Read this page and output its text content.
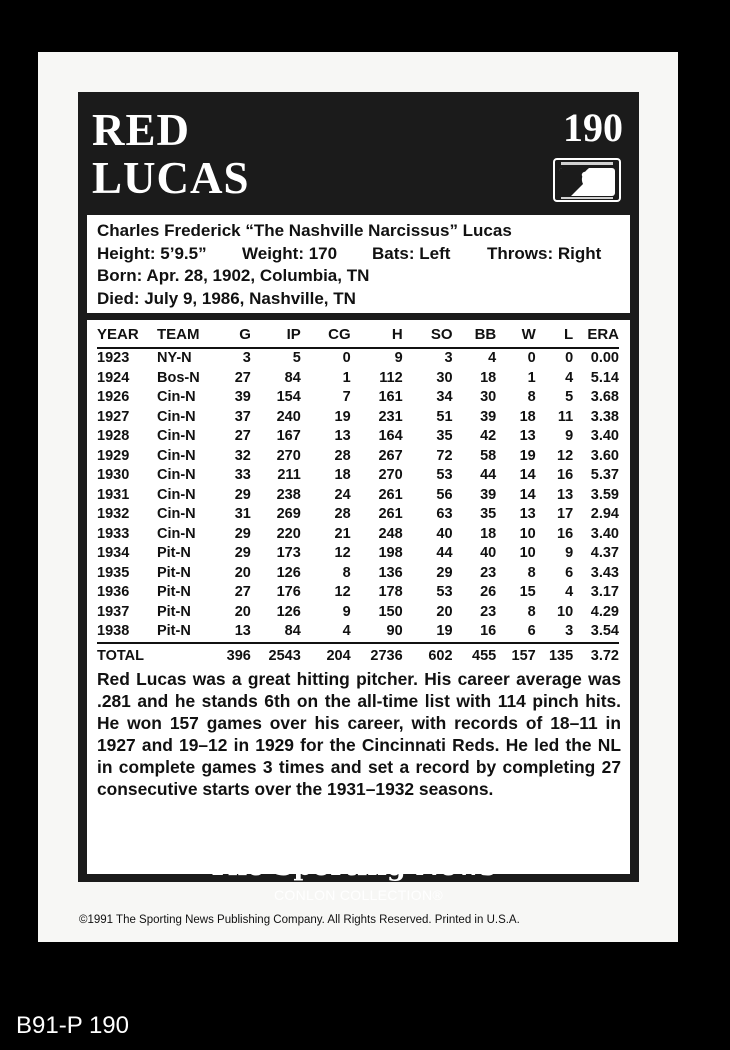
RED
LUCAS
190
Charles Frederick “The Nashville Narcissus” Lucas
Height: 5’9.5”	Weight: 170	Bats: Left	Throws: Right
Born: Apr. 28, 1902, Columbia, TN
Died: July 9, 1986, Nashville, TN
YEAR	TEAM	G	IP	CG	H	SO	BB	W	L	ERA
1923	NY-N	3	5	0	9	3	4	0	0	0.00
1924	Bos-N	27	84	1	112	30	18	1	4	5.14
1926	Cin-N	39	154	7	161	34	30	8	5	3.68
1927	Cin-N	37	240	19	231	51	39	18	11	3.38
1928	Cin-N	27	167	13	164	35	42	13	9	3.40
1929	Cin-N	32	270	28	267	72	58	19	12	3.60
1930	Cin-N	33	211	18	270	53	44	14	16	5.37
1931	Cin-N	29	238	24	261	56	39	14	13	3.59
1932	Cin-N	31	269	28	261	63	35	13	17	2.94
1933	Cin-N	29	220	21	248	40	18	10	16	3.40
1934	Pit-N	29	173	12	198	44	40	10	9	4.37
1935	Pit-N	20	126	8	136	29	23	8	6	3.43
1936	Pit-N	27	176	12	178	53	26	15	4	3.17
1937	Pit-N	20	126	9	150	20	23	8	10	4.29
1938	Pit-N	13	84	4	90	19	16	6	3	3.54
TOTAL		396	2543	204	2736	602	455	157	135	3.72

Red Lucas was a great hitting pitcher. His career average was .281 and he stands 6th on the all-time list with 114 pinch hits. He won 157 games over his career, with records of 18–11 in 1927 and 19–12 in 1929 for the Cincinnati Reds. He led the NL in complete games 3 times and set a record by completing 27 consecutive starts over the 1931–1932 seasons.

The Sporting News®
CONLON COLLECTION®
©1991 The Sporting News Publishing Company. All Rights Reserved. Printed in U.S.A.
B91-P 190
